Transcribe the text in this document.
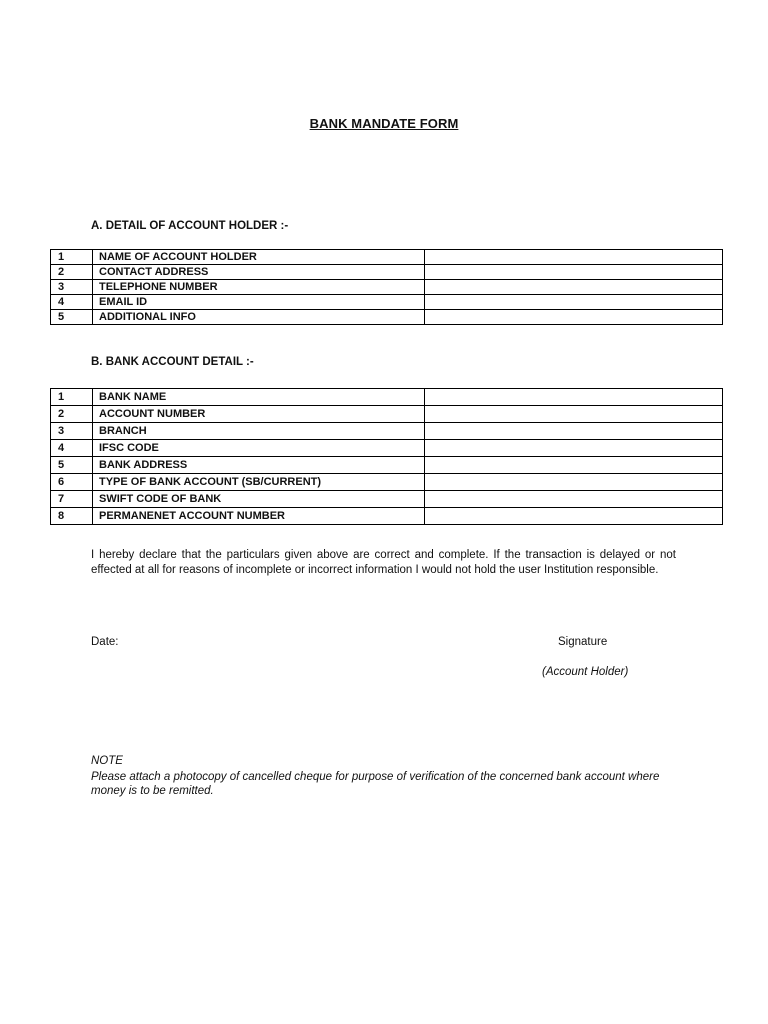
BANK MANDATE FORM
A. DETAIL OF ACCOUNT HOLDER :-
1	NAME OF ACCOUNT HOLDER	
2	CONTACT ADDRESS	
3	TELEPHONE NUMBER	
4	EMAIL ID	
5	ADDITIONAL INFO	
B. BANK ACCOUNT DETAIL :-
1	BANK NAME	
2	ACCOUNT NUMBER	
3	BRANCH	
4	IFSC CODE	
5	BANK ADDRESS	
6	TYPE OF BANK ACCOUNT (SB/CURRENT)	
7	SWIFT CODE OF BANK	
8	PERMANENET ACCOUNT NUMBER	
I hereby declare that the particulars given above are correct and complete. If the transaction is delayed or not effected at all for reasons of incomplete or incorrect information I would not hold the user Institution responsible.
Date:	Signature
(Account Holder)
NOTE
Please attach a photocopy of cancelled cheque for purpose of verification of the concerned bank account where money is to be remitted.
